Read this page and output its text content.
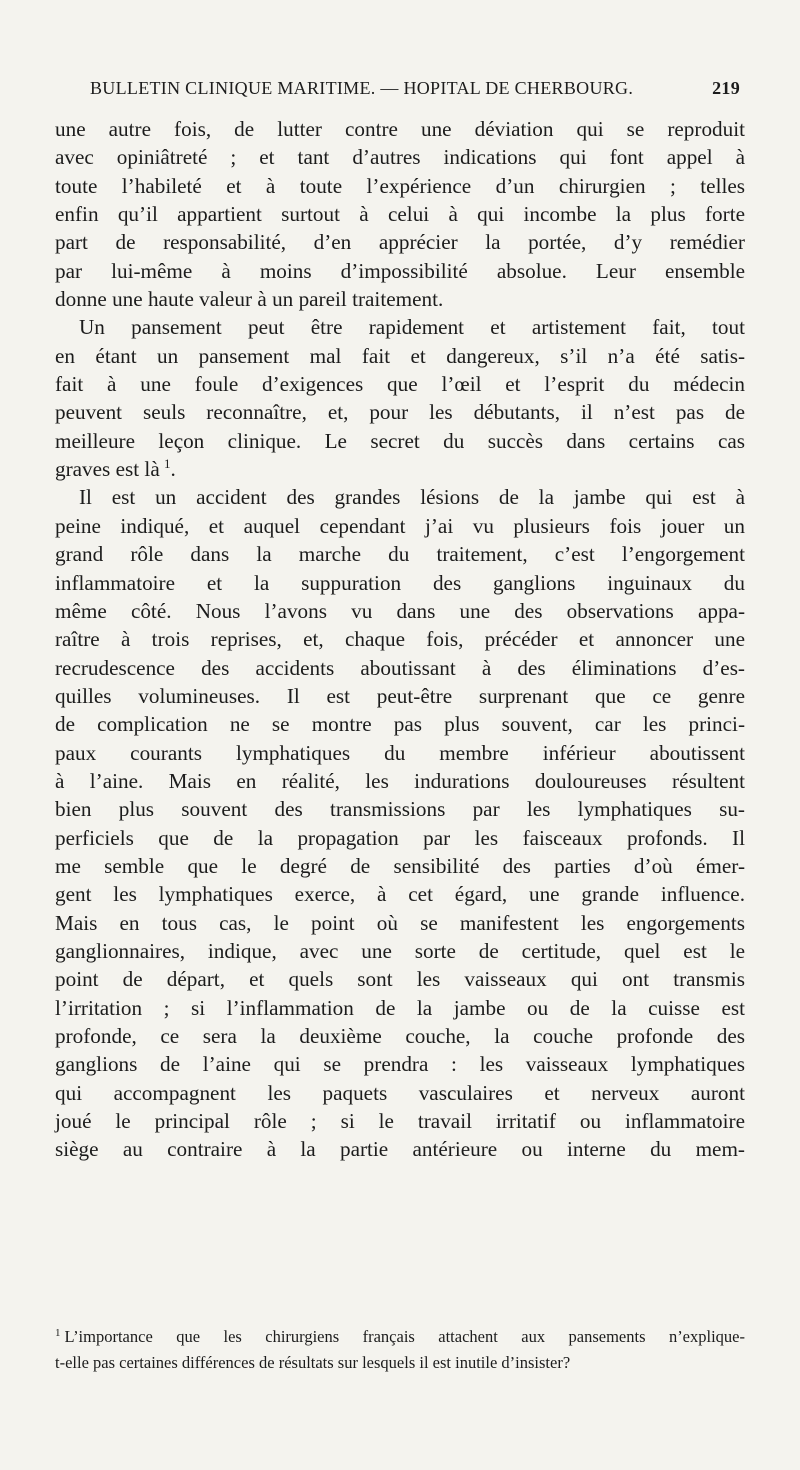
BULLETIN CLINIQUE MARITIME. — HOPITAL DE CHERBOURG.	219
une autre fois, de lutter contre une déviation qui se reproduit
avec opiniâtreté ; et tant d’autres indications qui font appel à
toute l’habileté et à toute l’expérience d’un chirurgien ; telles
enfin qu’il appartient surtout à celui à qui incombe la plus forte
part de responsabilité, d’en apprécier la portée, d’y remédier
par lui-même à moins d’impossibilité absolue. Leur ensemble
donne une haute valeur à un pareil traitement.
Un pansement peut être rapidement et artistement fait, tout
en étant un pansement mal fait et dangereux, s’il n’a été satis-
fait à une foule d’exigences que l’œil et l’esprit du médecin
peuvent seuls reconnaître, et, pour les débutants, il n’est pas de
meilleure leçon clinique. Le secret du succès dans certains cas
graves est là  $^1$.
Il est un accident des grandes lésions de la jambe qui est à
peine indiqué, et auquel cependant j’ai vu plusieurs fois jouer un
grand rôle dans la marche du traitement, c’est l’engorgement
inflammatoire et la suppuration des ganglions inguinaux du
même côté. Nous l’avons vu dans une des observations appa-
raître à trois reprises, et, chaque fois, précéder et annoncer une
recrudescence des accidents aboutissant à des éliminations d’es-
quilles volumineuses. Il est peut-être surprenant que ce genre
de complication ne se montre pas plus souvent, car les princi-
paux courants lymphatiques du membre inférieur aboutissent
à l’aine. Mais en réalité, les indurations douloureuses résultent
bien plus souvent des transmissions par les lymphatiques su-
perficiels que de la propagation par les faisceaux profonds. Il
me semble que le degré de sensibilité des parties d’où émer-
gent les lymphatiques exerce, à cet égard, une grande influence.
Mais en tous cas, le point où se manifestent les engorgements
ganglionnaires, indique, avec une sorte de certitude, quel est le
point de départ, et quels sont les vaisseaux qui ont transmis
l’irritation ; si l’inflammation de la jambe ou de la cuisse est
profonde, ce sera la deuxième couche, la couche profonde des
ganglions de l’aine qui se prendra : les vaisseaux lymphatiques
qui accompagnent les paquets vasculaires et nerveux auront
joué le principal rôle ; si le travail irritatif ou inflammatoire
siège au contraire à la partie antérieure ou interne du mem-
$^1$ L’importance que les chirurgiens français attachent aux pansements n’explique-
t-elle pas certaines différences de résultats sur lesquels il est inutile d’insister?
